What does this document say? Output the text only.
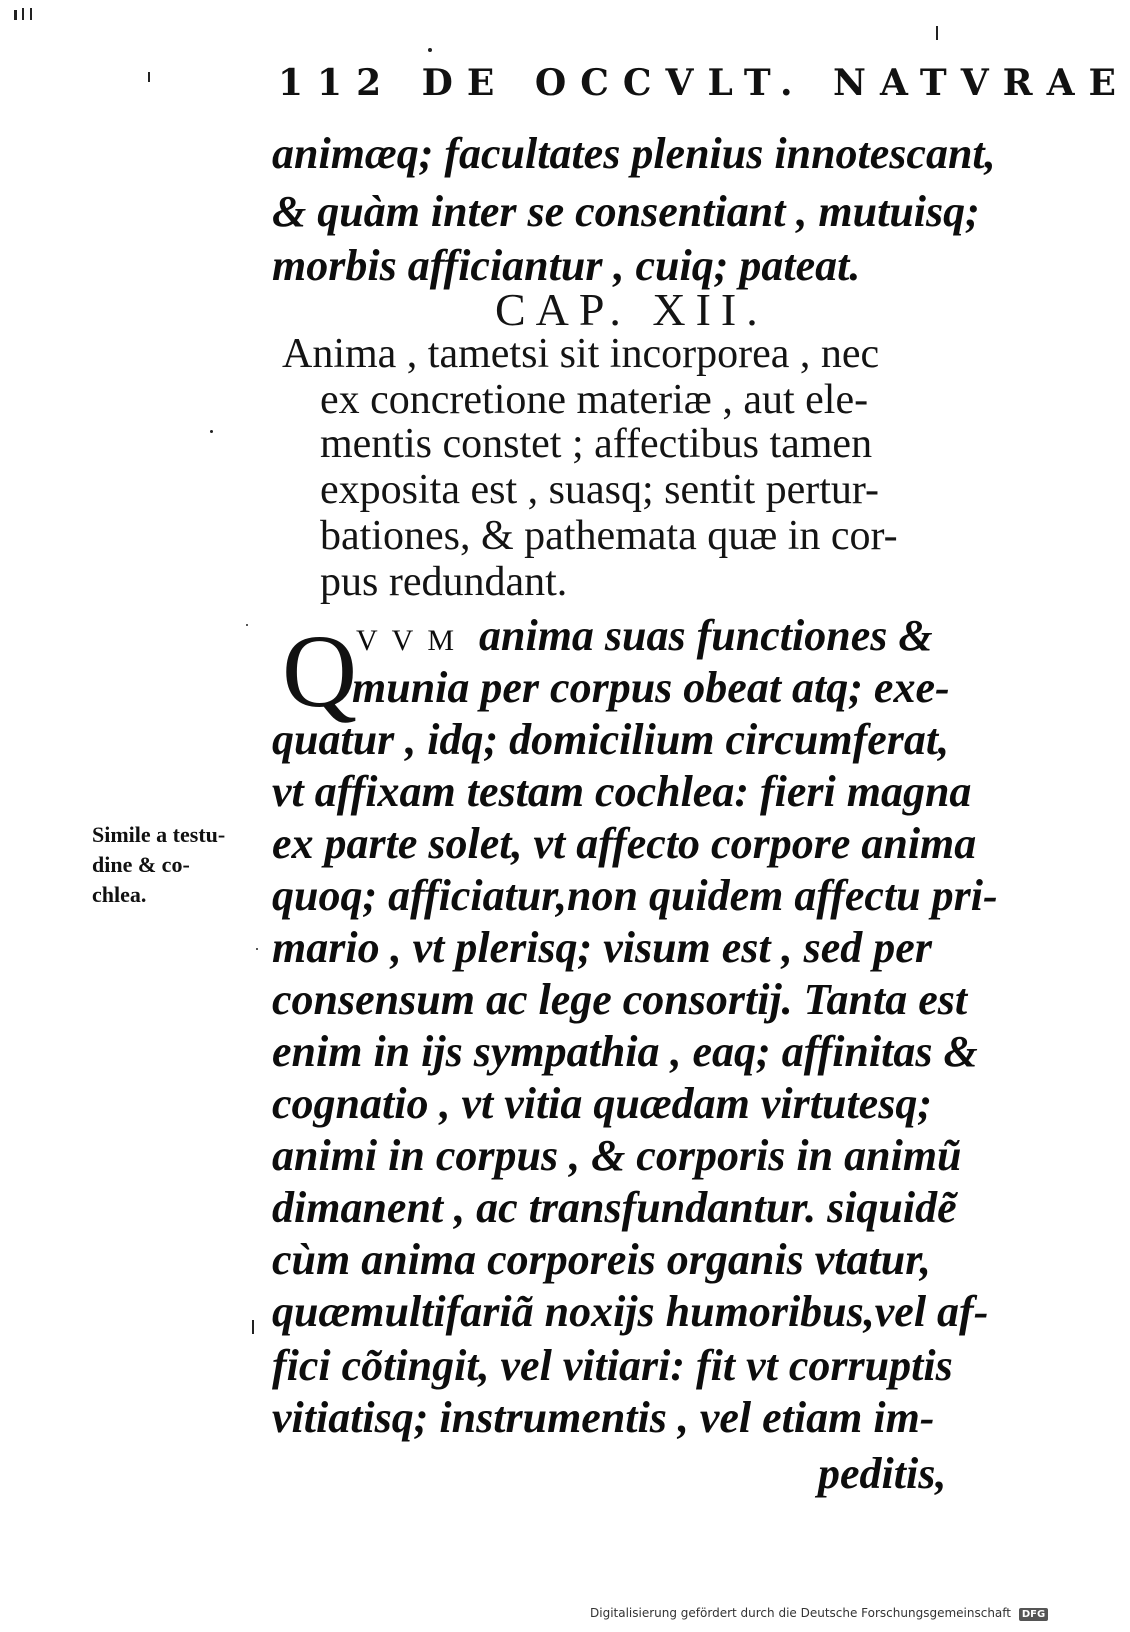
112 DE OCCVLT. NATVRAE
animæq; facultates plenius innotescant,
& quàm inter se consentiant , mutuisq;
morbis afficiantur , cuiq; pateat.
CAP. XII.
Anima , tametsi sit incorporea , nec
ex concretione materiæ , aut ele-
mentis constet ; affectibus tamen
exposita est , suasq; sentit pertur-
bationes, & pathemata quæ in cor-
pus redundant.
Q
VVM anima suas functiones &
munia per corpus obeat atq; exe-
quatur , idq; domicilium circumferat,
vt affixam testam cochlea: fieri magna
ex parte solet, vt affecto corpore anima
quoq; afficiatur,non quidem affectu pri-
mario , vt plerisq; visum est , sed per
consensum ac lege consortij. Tanta est
enim in ijs sympathia , eaq; affinitas &
cognatio , vt vitia quædam virtutesq;
animi in corpus , & corporis in animũ
dimanent , ac transfundantur. siquidẽ
cùm anima corporeis organis vtatur,
quæmultifariã noxijs humoribus,vel af-
fici cõtingit, vel vitiari: fit vt corruptis
vitiatisq; instrumentis , vel etiam im-
peditis,
Simile a testu-
dine & co-
chlea.
Digitalisierung gefördert durch die Deutsche Forschungsgemeinschaft DFG
